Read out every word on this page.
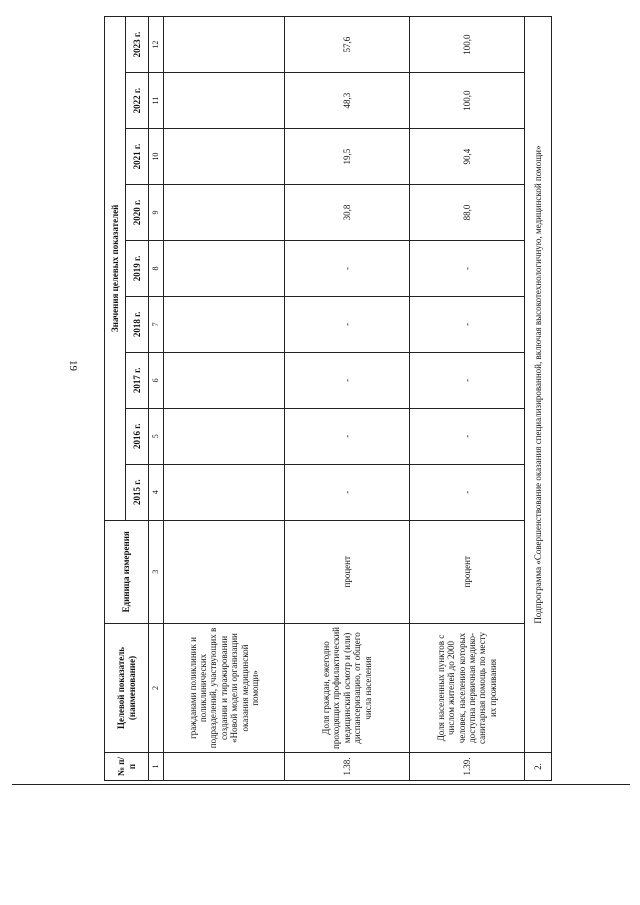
19
№ п/п	Целевой показатель (наименование)	Единица измерения	Значения целевых показателей								
			2015 г.	2016 г.	2017 г.	2018 г.	2019 г.	2020 г.	2021 г.	2022 г.	2023 г.
1	2	3	4	5	6	7	8	9	10	11	12
	гражданами поликлиник и поликлинических подразделений, участвующих в создании и тиражировании «Новой модели организации оказания медицинской помощи»										
1.38.	Доля граждан, ежегодно проходящих профилактический медицинский осмотр и (или) диспансеризацию, от общего числа населения	процент	-	-	-	-	-	30,8	19,5	48,3	57,6
1.39.	Доля населенных пунктов с числом жителей до 2000 человек, населению которых доступна первичная медико-санитарная помощь по месту их проживания	процент	-	-	-	-	-	88,0	90,4	100,0	100,0
2.	Подпрограмма «Совершенствование оказания специализированной, включая высокотехнологичную, медицинской помощи»										
